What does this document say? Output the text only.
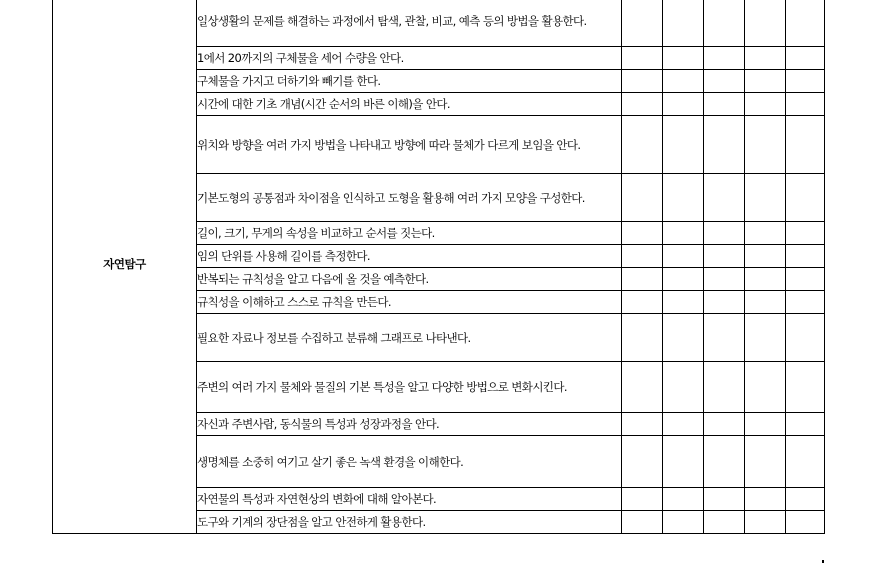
자연탐구	일상생활의 문제를 해결하는 과정에서 탐색, 관찰, 비교, 예측 등의 방법을 활용한다.					
	1에서 20까지의 구체물을 세어 수량을 안다.					
	구체물을 가지고 더하기와 빼기를 한다.					
	시간에 대한 기초 개념(시간 순서의 바른 이해)을 안다.					
	위치와 방향을 여러 가지 방법을 나타내고 방향에 따라 물체가 다르게 보임을 안다.					
	기본도형의 공통점과 차이점을 인식하고 도형을 활용해 여러 가지 모양을 구성한다.					
	길이, 크기, 무게의 속성을 비교하고 순서를 짓는다.					
	임의 단위를 사용해 길이를 측정한다.					
	반복되는 규칙성을 알고 다음에 올 것을 예측한다.					
	규칙성을 이해하고 스스로 규칙을 만든다.					
	필요한 자료나 정보를 수집하고 분류해 그래프로 나타낸다.					
	주변의 여러 가지 물체와 물질의 기본 특성을 알고 다양한 방법으로 변화시킨다.					
	자신과 주변사람, 동식물의 특성과 성장과정을 안다.					
	생명체를 소중히 여기고 살기 좋은 녹색 환경을 이해한다.					
	자연물의 특성과 자연현상의 변화에 대해 알아본다.					
	도구와 기계의 장단점을 알고 안전하게 활용한다.					
